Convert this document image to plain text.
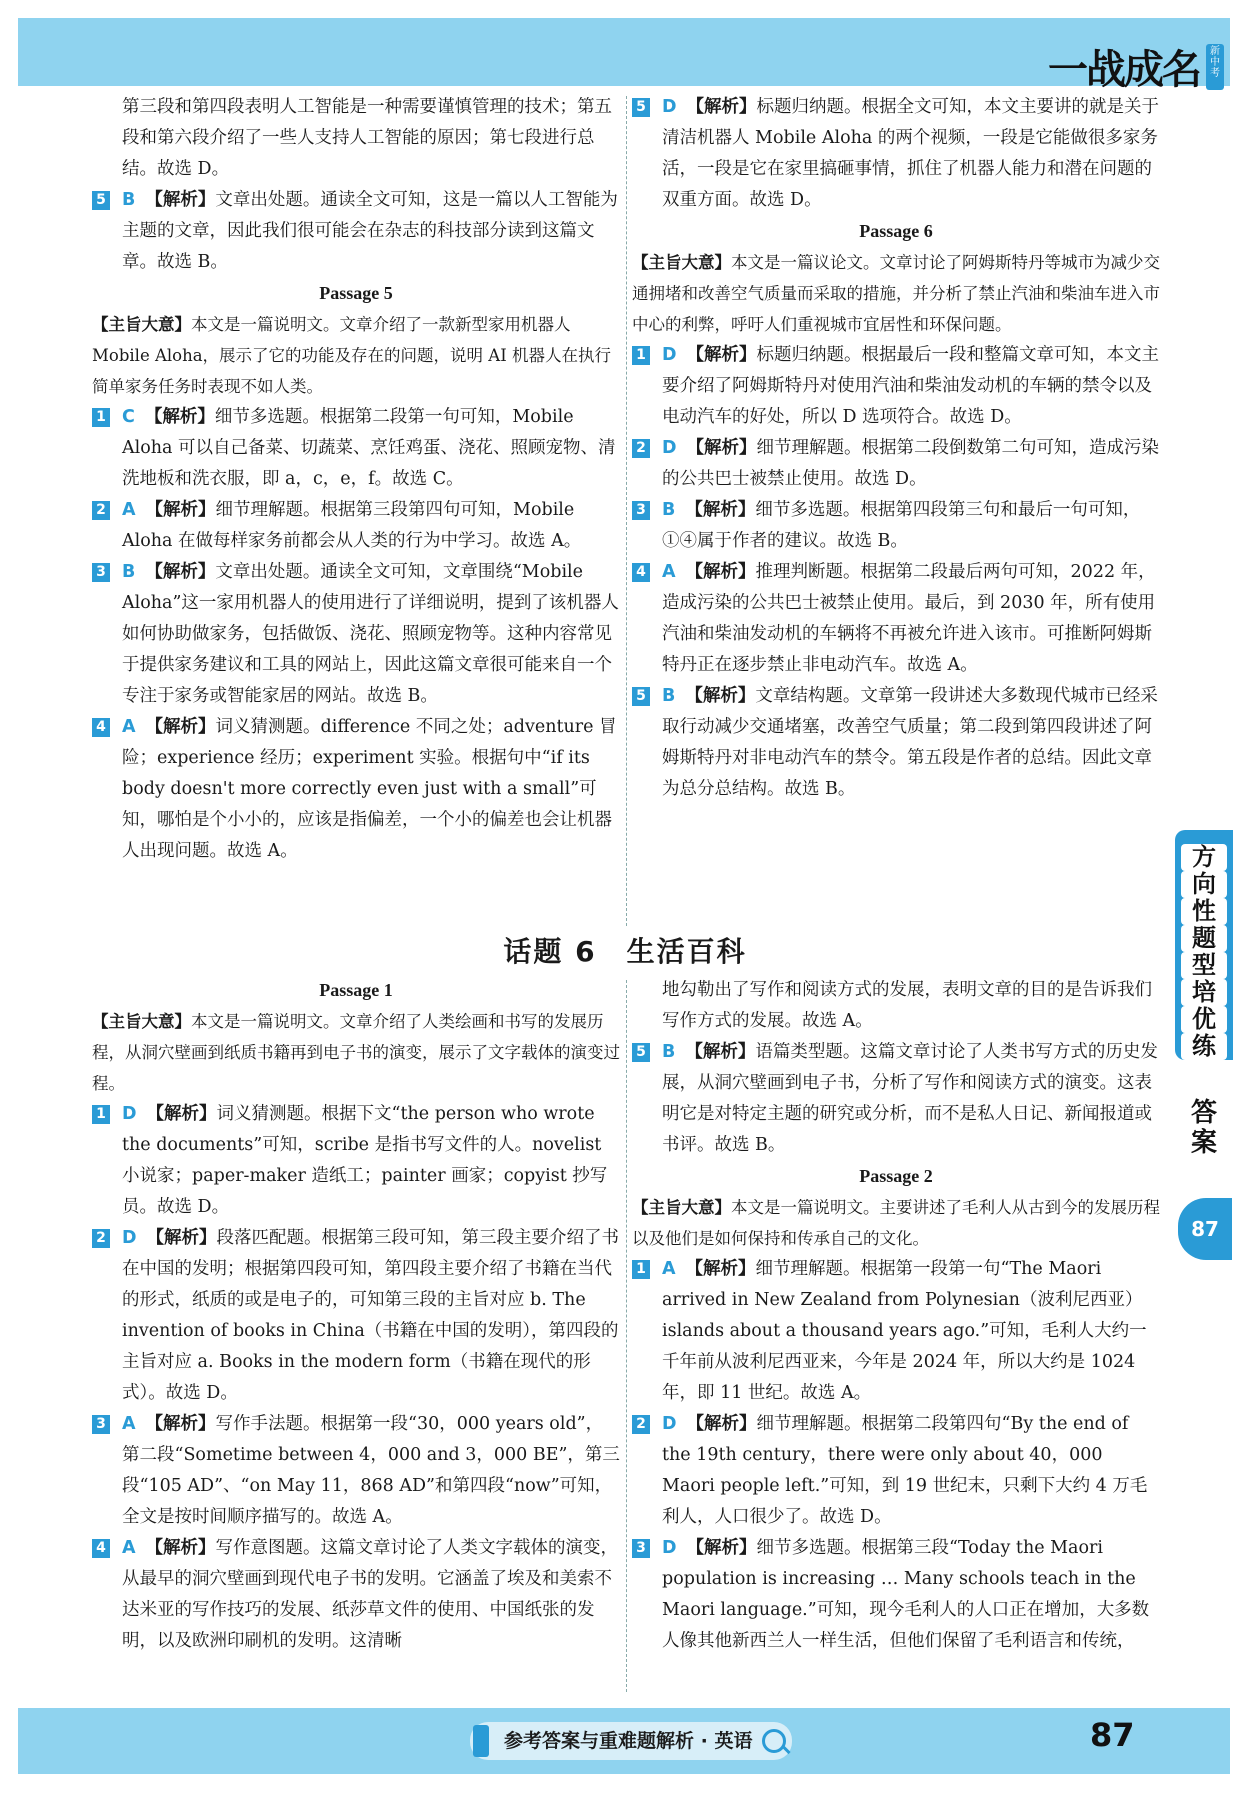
一战成名	新中考

第三段和第四段表明人工智能是一种需要谨慎管理的技术；第五段和第六段介绍了一些人支持人工智能的原因；第七段进行总结。故选 D。

5 B 【解析】文章出处题。通读全文可知，这是一篇以人工智能为主题的文章，因此我们很可能会在杂志的科技部分读到这篇文章。故选 B。

Passage 5

【主旨大意】本文是一篇说明文。文章介绍了一款新型家用机器人 Mobile Aloha，展示了它的功能及存在的问题，说明 AI 机器人在执行简单家务任务时表现不如人类。

1 C 【解析】细节多选题。根据第二段第一句可知，Mobile Aloha 可以自己备菜、切蔬菜、烹饪鸡蛋、浇花、照顾宠物、清洗地板和洗衣服，即 a，c，e，f。故选 C。

2 A 【解析】细节理解题。根据第三段第四句可知，Mobile Aloha 在做每样家务前都会从人类的行为中学习。故选 A。

3 B 【解析】文章出处题。通读全文可知，文章围绕“Mobile Aloha”这一家用机器人的使用进行了详细说明，提到了该机器人如何协助做家务，包括做饭、浇花、照顾宠物等。这种内容常见于提供家务建议和工具的网站上，因此这篇文章很可能来自一个专注于家务或智能家居的网站。故选 B。

4 A 【解析】词义猜测题。difference 不同之处；adventure 冒险；experience 经历；experiment 实验。根据句中“if its body doesn't more correctly even just with a small”可知，哪怕是个小小的，应该是指偏差，一个小的偏差也会让机器人出现问题。故选 A。

5 D 【解析】标题归纳题。根据全文可知，本文主要讲的就是关于清洁机器人 Mobile Aloha 的两个视频，一段是它能做很多家务活，一段是它在家里搞砸事情，抓住了机器人能力和潜在问题的双重方面。故选 D。

Passage 6

【主旨大意】本文是一篇议论文。文章讨论了阿姆斯特丹等城市为减少交通拥堵和改善空气质量而采取的措施，并分析了禁止汽油和柴油车进入市中心的利弊，呼吁人们重视城市宜居性和环保问题。

1 D 【解析】标题归纳题。根据最后一段和整篇文章可知，本文主要介绍了阿姆斯特丹对使用汽油和柴油发动机的车辆的禁令以及电动汽车的好处，所以 D 选项符合。故选 D。

2 D 【解析】细节理解题。根据第二段倒数第二句可知，造成污染的公共巴士被禁止使用。故选 D。

3 B 【解析】细节多选题。根据第四段第三句和最后一句可知，①④属于作者的建议。故选 B。

4 A 【解析】推理判断题。根据第二段最后两句可知，2022 年，造成污染的公共巴士被禁止使用。最后，到 2030 年，所有使用汽油和柴油发动机的车辆将不再被允许进入该市。可推断阿姆斯特丹正在逐步禁止非电动汽车。故选 A。

5 B 【解析】文章结构题。文章第一段讲述大多数现代城市已经采取行动减少交通堵塞，改善空气质量；第二段到第四段讲述了阿姆斯特丹对非电动汽车的禁令。第五段是作者的总结。因此文章为总分总结构。故选 B。

话题 6　生活百科
Passage 1

【主旨大意】本文是一篇说明文。文章介绍了人类绘画和书写的发展历程，从洞穴壁画到纸质书籍再到电子书的演变，展示了文字载体的演变过程。

1 D 【解析】词义猜测题。根据下文“the person who wrote the documents”可知，scribe 是指书写文件的人。novelist 小说家；paper-maker 造纸工；painter 画家；copyist 抄写员。故选 D。

2 D 【解析】段落匹配题。根据第三段可知，第三段主要介绍了书在中国的发明；根据第四段可知，第四段主要介绍了书籍在当代的形式，纸质的或是电子的，可知第三段的主旨对应 b. The invention of books in China（书籍在中国的发明），第四段的主旨对应 a. Books in the modern form（书籍在现代的形式）。故选 D。

3 A 【解析】写作手法题。根据第一段“30，000 years old”，第二段“Sometime between 4，000 and 3，000 BE”，第三段“105 AD”、“on May 11，868 AD”和第四段“now”可知，全文是按时间顺序描写的。故选 A。

4 A 【解析】写作意图题。这篇文章讨论了人类文字载体的演变，从最早的洞穴壁画到现代电子书的发明。它涵盖了埃及和美索不达米亚的写作技巧的发展、纸莎草文件的使用、中国纸张的发明，以及欧洲印刷机的发明。这清晰

地勾勒出了写作和阅读方式的发展，表明文章的目的是告诉我们写作方式的发展。故选 A。

5 B 【解析】语篇类型题。这篇文章讨论了人类书写方式的历史发展，从洞穴壁画到电子书，分析了写作和阅读方式的演变。这表明它是对特定主题的研究或分析，而不是私人日记、新闻报道或书评。故选 B。

Passage 2

【主旨大意】本文是一篇说明文。主要讲述了毛利人从古到今的发展历程以及他们是如何保持和传承自己的文化。

1 A 【解析】细节理解题。根据第一段第一句“The Maori arrived in New Zealand from Polynesian（波利尼西亚）islands about a thousand years ago.”可知，毛利人大约一千年前从波利尼西亚来，今年是 2024 年，所以大约是 1024 年，即 11 世纪。故选 A。

2 D 【解析】细节理解题。根据第二段第四句“By the end of the 19th century，there were only about 40，000 Maori people left.”可知，到 19 世纪末，只剩下大约 4 万毛利人，人口很少了。故选 D。

3 D 【解析】细节多选题。根据第三段“Today the Maori population is increasing … Many schools teach in the Maori language.”可知，现今毛利人的人口正在增加，大多数人像其他新西兰人一样生活，但他们保留了毛利语言和传统，

方
向
性
题
型
培
优
练
答案
87
参考答案与重难题解析 · 英语	87
